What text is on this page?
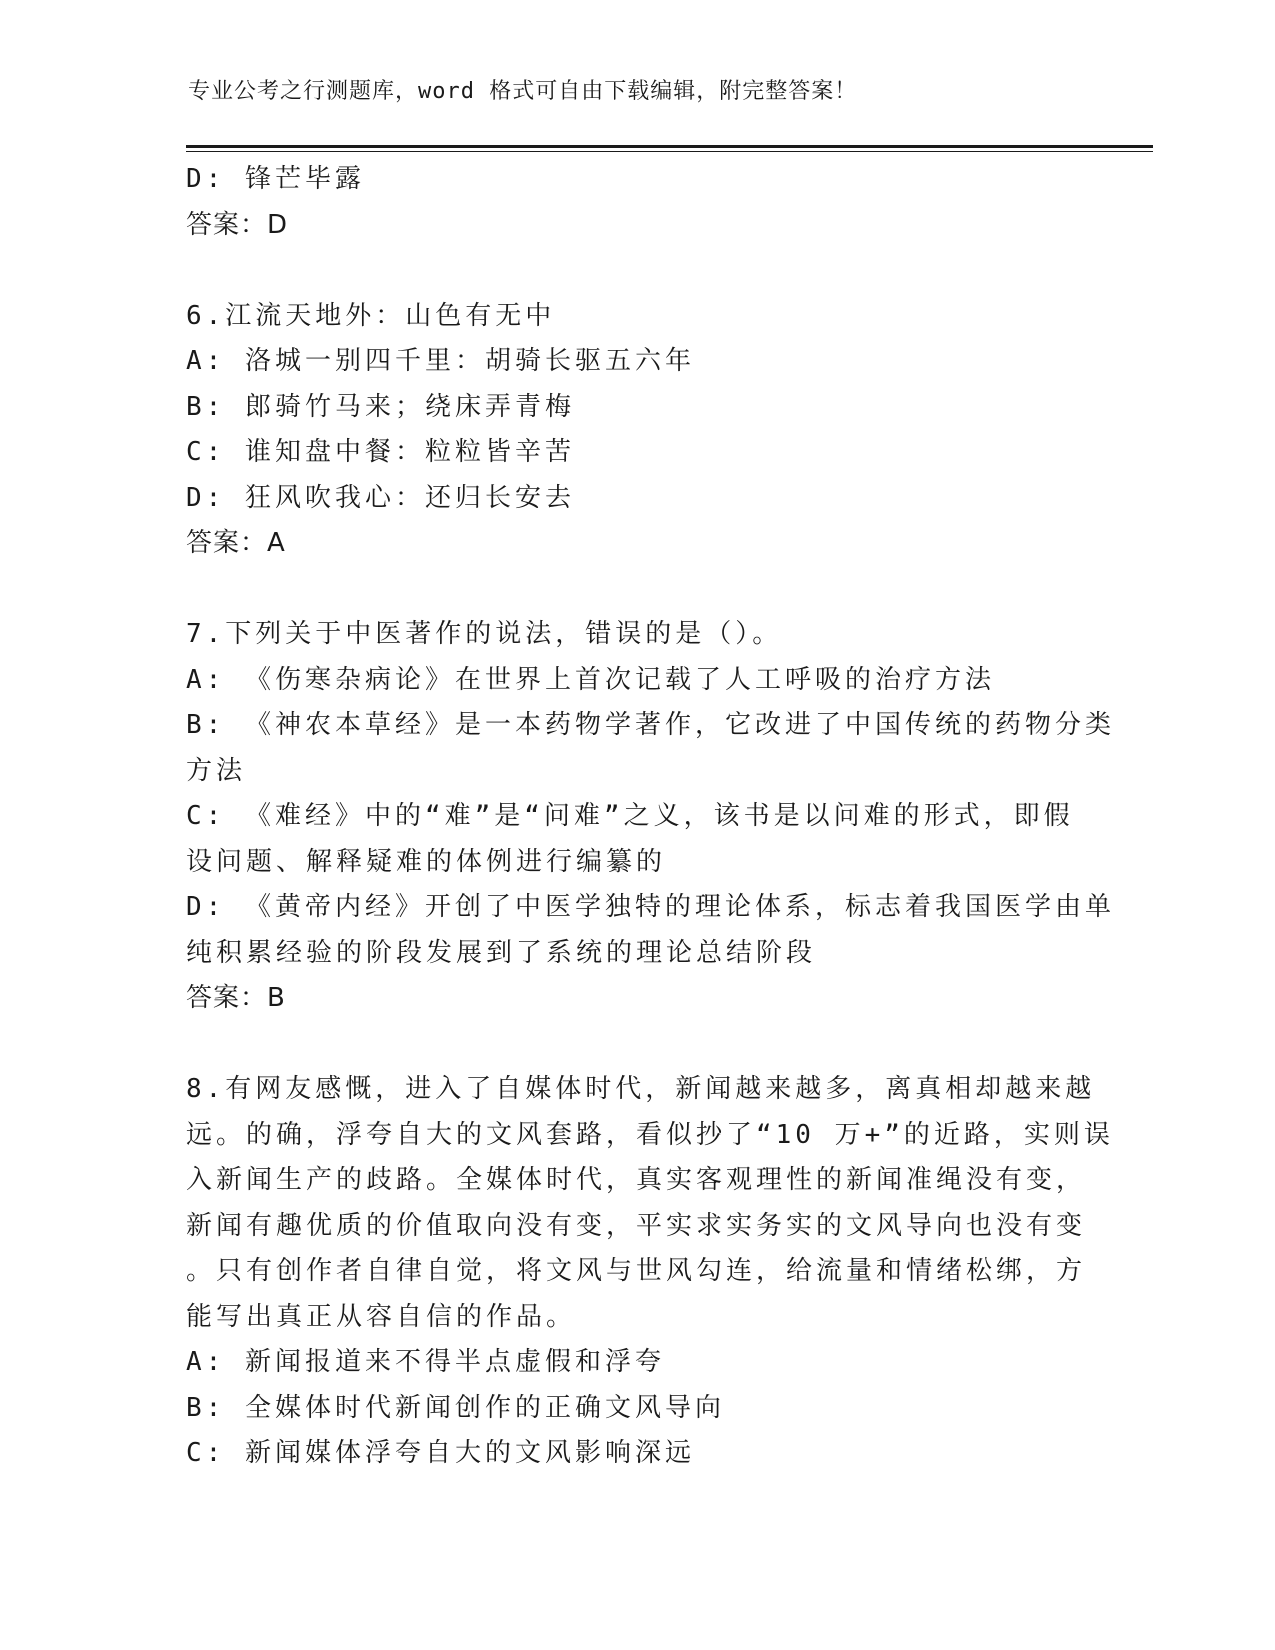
专业公考之行测题库，word 格式可自由下载编辑，附完整答案！
D: 锋芒毕露
答案：D
6.江流天地外：山色有无中
A: 洛城一别四千里：胡骑长驱五六年
B: 郎骑竹马来；绕床弄青梅
C: 谁知盘中餐：粒粒皆辛苦
D: 狂风吹我心：还归长安去
答案：A
7.下列关于中医著作的说法，错误的是（）。
A: 《伤寒杂病论》在世界上首次记载了人工呼吸的治疗方法
B: 《神农本草经》是一本药物学著作，它改进了中国传统的药物分类
方法
C: 《难经》中的“难”是“问难”之义，该书是以问难的形式，即假
设问题、解释疑难的体例进行编纂的
D: 《黄帝内经》开创了中医学独特的理论体系，标志着我国医学由单
纯积累经验的阶段发展到了系统的理论总结阶段
答案：B
8.有网友感慨，进入了自媒体时代，新闻越来越多，离真相却越来越
远。的确，浮夸自大的文风套路，看似抄了“10 万+”的近路，实则误
入新闻生产的歧路。全媒体时代，真实客观理性的新闻准绳没有变，
新闻有趣优质的价值取向没有变，平实求实务实的文风导向也没有变
。只有创作者自律自觉，将文风与世风勾连，给流量和情绪松绑，方
能写出真正从容自信的作品。
A: 新闻报道来不得半点虚假和浮夸
B: 全媒体时代新闻创作的正确文风导向
C: 新闻媒体浮夸自大的文风影响深远
